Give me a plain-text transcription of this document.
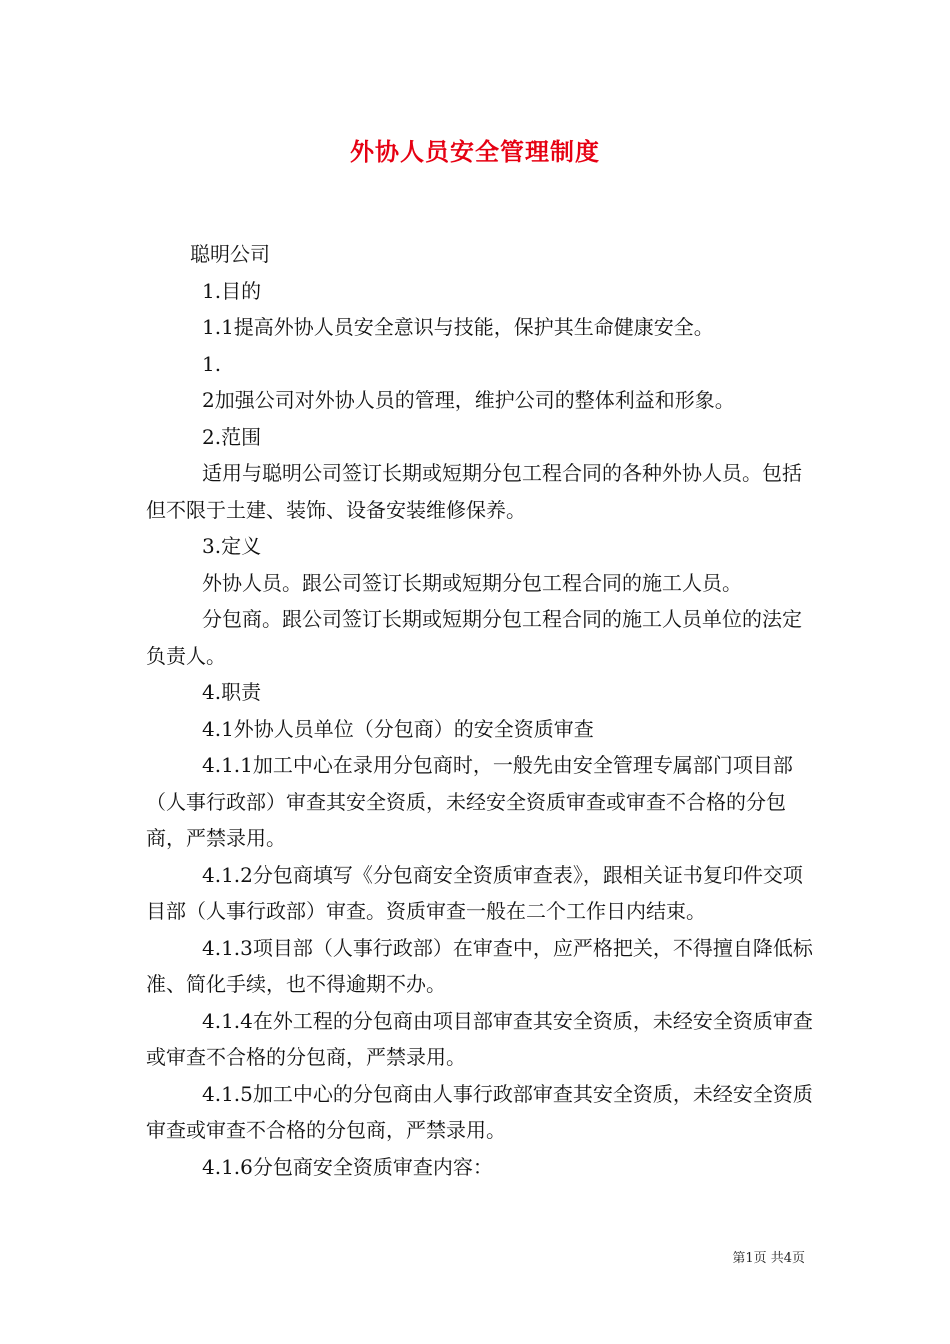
外协人员安全管理制度

聪明公司

1.目的

1.1提高外协人员安全意识与技能，保护其生命健康安全。

1.

2加强公司对外协人员的管理，维护公司的整体利益和形象。

2.范围

适用与聪明公司签订长期或短期分包工程合同的各种外协人员。包括但不限于土建、装饰、设备安装维修保养。

3.定义

外协人员。跟公司签订长期或短期分包工程合同的施工人员。

分包商。跟公司签订长期或短期分包工程合同的施工人员单位的法定负责人。

4.职责

4.1外协人员单位（分包商）的安全资质审查

4.1.1加工中心在录用分包商时，一般先由安全管理专属部门项目部（人事行政部）审查其安全资质，未经安全资质审查或审查不合格的分包商，严禁录用。

4.1.2分包商填写《分包商安全资质审查表》，跟相关证书复印件交项目部（人事行政部）审查。资质审查一般在二个工作日内结束。

4.1.3项目部（人事行政部）在审查中，应严格把关，不得擅自降低标准、简化手续，也不得逾期不办。

4.1.4在外工程的分包商由项目部审查其安全资质，未经安全资质审查或审查不合格的分包商，严禁录用。

4.1.5加工中心的分包商由人事行政部审查其安全资质，未经安全资质审查或审查不合格的分包商，严禁录用。

4.1.6分包商安全资质审查内容：

第1页 共4页
